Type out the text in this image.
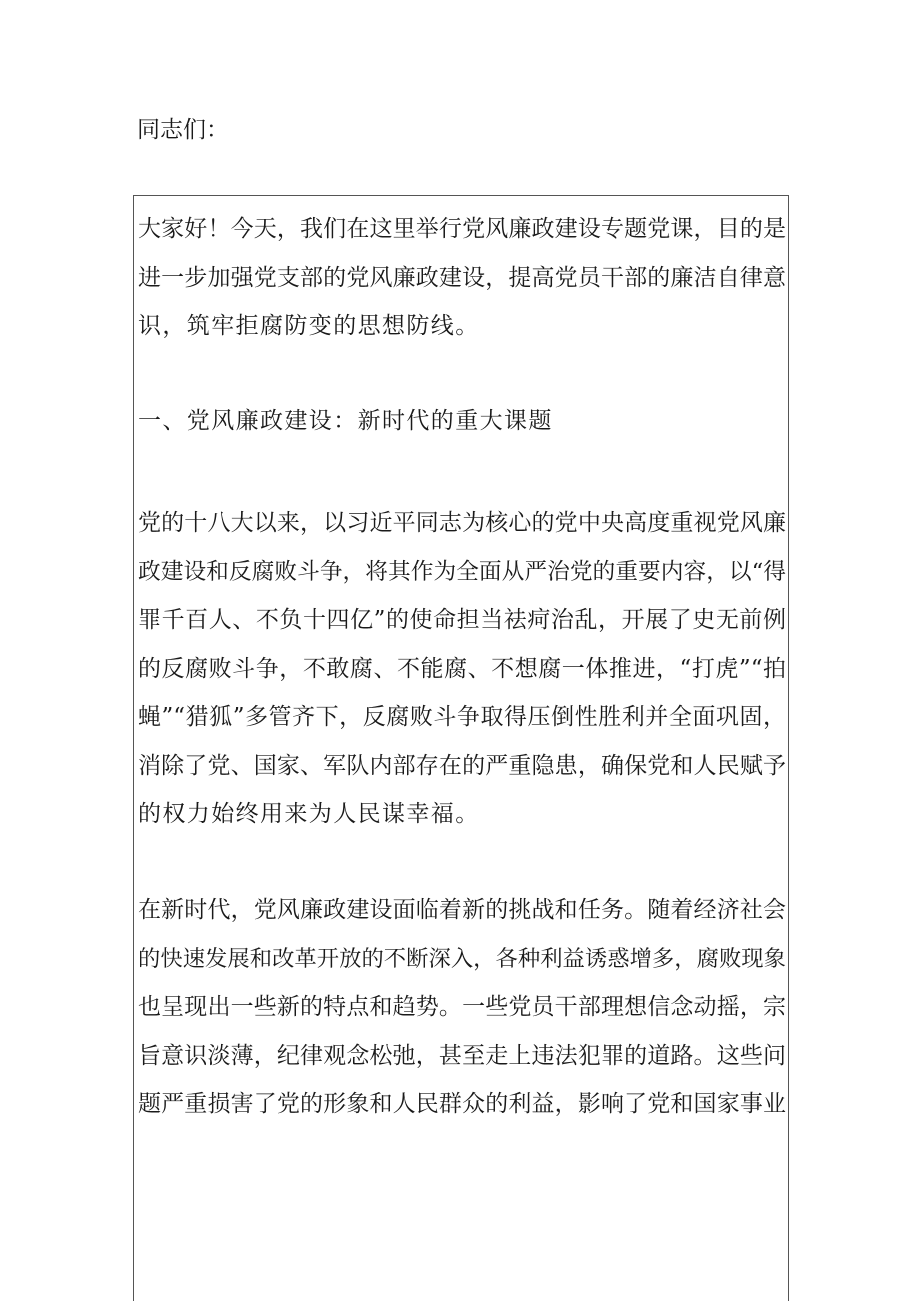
同志们：

大家好！今天，我们在这里举行党风廉政建设专题党课，目的是
进一步加强党支部的党风廉政建设，提高党员干部的廉洁自律意
识，筑牢拒腐防变的思想防线。
一、党风廉政建设：新时代的重大课题
党的十八大以来，以习近平同志为核心的党中央高度重视党风廉
政建设和反腐败斗争，将其作为全面从严治党的重要内容，以“得
罪千百人、不负十四亿”的使命担当祛疴治乱，开展了史无前例
的反腐败斗争，不敢腐、不能腐、不想腐一体推进，“打虎”“拍
蝇”“猎狐”多管齐下，反腐败斗争取得压倒性胜利并全面巩固，
消除了党、国家、军队内部存在的严重隐患，确保党和人民赋予
的权力始终用来为人民谋幸福。
在新时代，党风廉政建设面临着新的挑战和任务。随着经济社会
的快速发展和改革开放的不断深入，各种利益诱惑增多，腐败现象
也呈现出一些新的特点和趋势。一些党员干部理想信念动摇，宗
旨意识淡薄，纪律观念松弛，甚至走上违法犯罪的道路。这些问
题严重损害了党的形象和人民群众的利益，影响了党和国家事业
